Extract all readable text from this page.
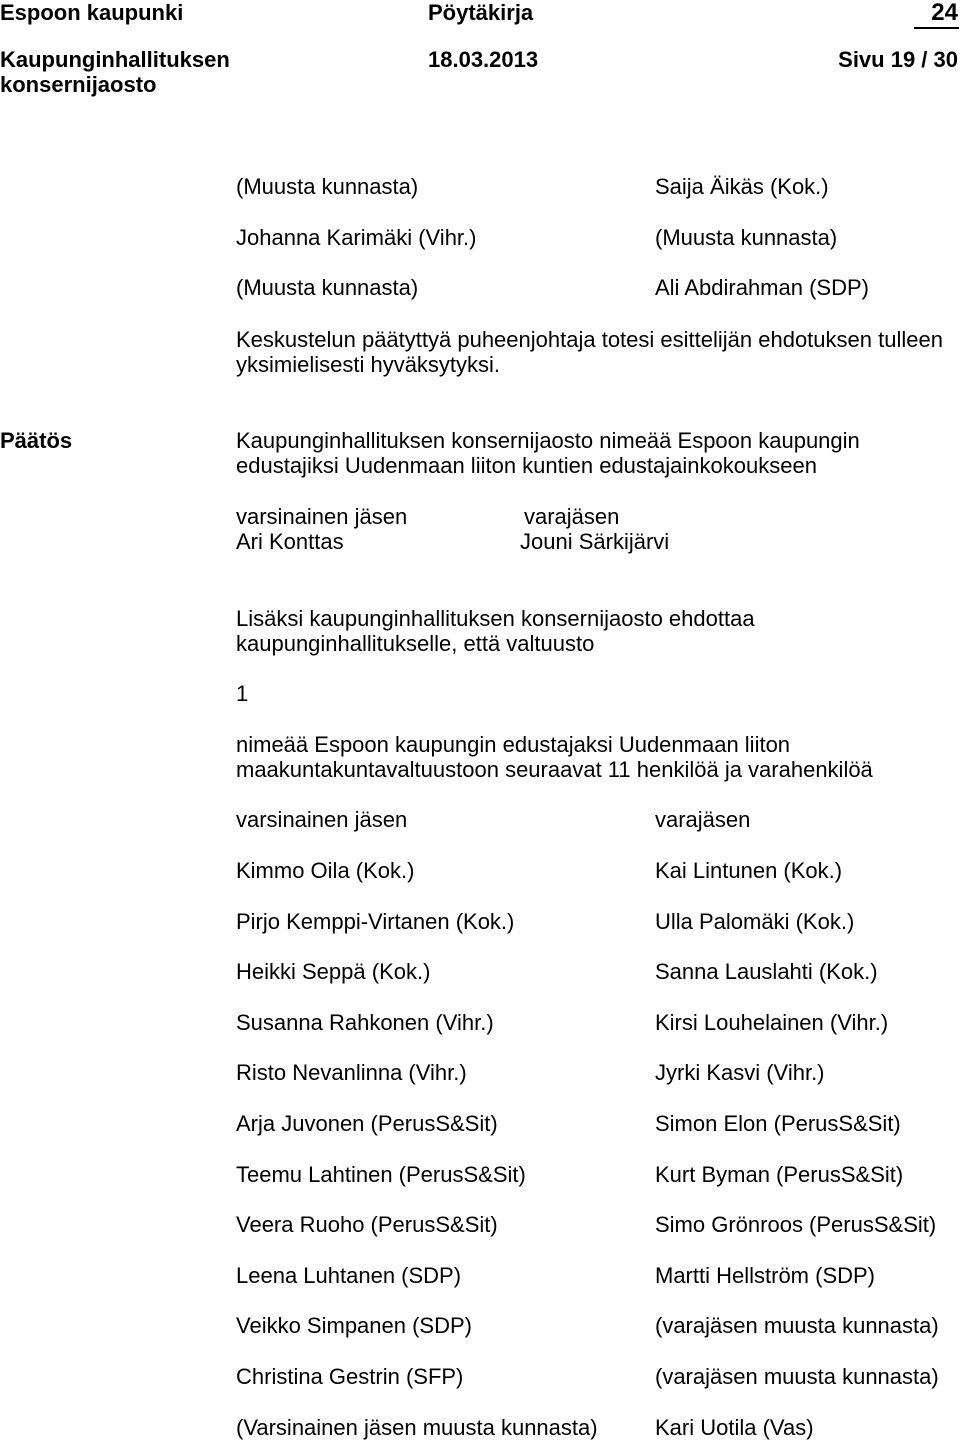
Espoon kaupunki	Pöytäkirja	24
Kaupunginhallituksen	18.03.2013	Sivu 19 / 30
konsernijaosto
(Muusta kunnasta)	Saija Äikäs (Kok.)
Johanna Karimäki (Vihr.)	(Muusta kunnasta)
(Muusta kunnasta)	Ali Abdirahman (SDP)
Keskustelun päätyttyä puheenjohtaja totesi esittelijän ehdotuksen tulleen
yksimielisesti hyväksytyksi.
Päätös	Kaupunginhallituksen konsernijaosto nimeää Espoon kaupungin
edustajiksi Uudenmaan liiton kuntien edustajainkokoukseen
varsinainen jäsen	varajäsen
Ari Konttas	Jouni Särkijärvi
Lisäksi kaupunginhallituksen konsernijaosto ehdottaa
kaupunginhallitukselle, että valtuusto
1
nimeää Espoon kaupungin edustajaksi Uudenmaan liiton
maakuntakuntavaltuustoon seuraavat 11 henkilöä ja varahenkilöä
varsinainen jäsen	varajäsen
Kimmo Oila (Kok.)	Kai Lintunen (Kok.)
Pirjo Kemppi-Virtanen (Kok.)	Ulla Palomäki (Kok.)
Heikki Seppä (Kok.)	Sanna Lauslahti (Kok.)
Susanna Rahkonen (Vihr.)	Kirsi Louhelainen (Vihr.)
Risto Nevanlinna (Vihr.)	Jyrki Kasvi (Vihr.)
Arja Juvonen (PerusS&Sit)	Simon Elon (PerusS&Sit)
Teemu Lahtinen (PerusS&Sit)	Kurt Byman (PerusS&Sit)
Veera Ruoho (PerusS&Sit)	Simo Grönroos (PerusS&Sit)
Leena Luhtanen (SDP)	Martti Hellström (SDP)
Veikko Simpanen (SDP)	(varajäsen muusta kunnasta)
Christina Gestrin (SFP)	(varajäsen muusta kunnasta)
(Varsinainen jäsen muusta kunnasta)	Kari Uotila (Vas)
